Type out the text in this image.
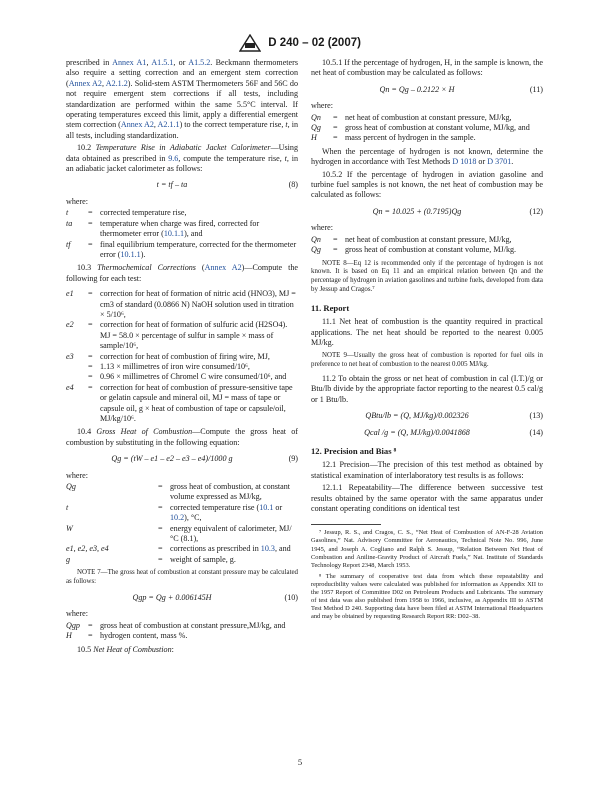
D 240 – 02 (2007)

prescribed in Annex A1, A1.5.1, or A1.5.2. Beckmann thermometers also require a setting correction and an emergent stem correction (Annex A2, A2.1.2). Solid-stem ASTM Thermometers 56F and 56C do not require emergent stem corrections if all tests, including standardization are performed within the same 5.5°C interval. If operating temperatures exceed this limit, apply a differential emergent stem correction (Annex A2, A2.1.1) to the correct temperature rise, t, in all tests, including standardization.

10.2 Temperature Rise in Adiabatic Jacket Calorimeter—Using data obtained as prescribed in 9.6, compute the temperature rise, t, in an adiabatic jacket calorimeter as follows:

t = tf – ta	(8)

where:

t	= corrected temperature rise,
ta	= temperature when charge was fired, corrected for thermometer error (10.1.1), and
tf	= final equilibrium temperature, corrected for the thermometer error (10.1.1).

10.3 Thermochemical Corrections (Annex A2)—Compute the following for each test:

e1	= correction for heat of formation of nitric acid (HNO3), MJ = cm3 of standard (0.0866 N) NaOH solution used in titration × 5/10⁶,
e2	= correction for heat of formation of sulfuric acid (H2SO4). MJ = 58.0 × percentage of sulfur in sample × mass of sample/10⁶,
e3	= correction for heat of combustion of firing wire, MJ,
= 1.13 × millimetres of iron wire consumed/10⁶,
= 0.96 × millimetres of Chromel C wire consumed/10⁶, and
e4	= correction for heat of combustion of pressure-sensitive tape or gelatin capsule and mineral oil, MJ = mass of tape or capsule oil, g × heat of combustion of tape or capsule/oil, MJ/kg/10⁶.

10.4 Gross Heat of Combustion—Compute the gross heat of combustion by substituting in the following equation:

Qg = (tW – e1 – e2 – e3 – e4)/1000 g	(9)

where:

Qg	= gross heat of combustion, at constant volume expressed as MJ/kg,
t	= corrected temperature rise (10.1 or 10.2), °C,
W	= energy equivalent of calorimeter, MJ/°C (8.1),
e1, e2, e3, e4	= corrections as prescribed in 10.3, and
g	= weight of sample, g.

NOTE 7—The gross heat of combustion at constant pressure may be calculated as follows:

Qgp = Qg + 0.006145H	(10)

where:

Qgp = gross heat of combustion at constant pressure,MJ/kg, and
H	= hydrogen content, mass %.

10.5 Net Heat of Combustion:

10.5.1 If the percentage of hydrogen, H, in the sample is known, the net heat of combustion may be calculated as follows:

Qn = Qg – 0.2122 × H	(11)

where:

Qn	= net heat of combustion at constant pressure, MJ/kg,
Qg	= gross heat of combustion at constant volume, MJ/kg, and
H	= mass percent of hydrogen in the sample.

When the percentage of hydrogen is not known, determine the hydrogen in accordance with Test Methods D 1018 or D 3701.

10.5.2 If the percentage of hydrogen in aviation gasoline and turbine fuel samples is not known, the net heat of combustion may be calculated as follows:

Qn = 10.025 + (0.7195)Qg	(12)

where:

Qn	= net heat of combustion at constant pressure, MJ/kg,
Qg	= gross heat of combustion at constant volume, MJ/kg.

NOTE 8—Eq 12 is recommended only if the percentage of hydrogen is not known. It is based on Eq 11 and an empirical relation between Qn and the percentage of hydrogen in aviation gasolines and turbine fuels, developed from data by Jessup and Cragos.⁷

11. Report

11.1 Net heat of combustion is the quantity required in practical applications. The net heat should be reported to the nearest 0.005 MJ/kg.

NOTE 9—Usually the gross heat of combustion is reported for fuel oils in preference to net heat of combustion to the nearest 0.005 MJ/kg.

11.2 To obtain the gross or net heat of combustion in cal (I.T.)/g or Btu/lb divide by the appropriate factor reporting to the nearest 0.5 cal/g or 1 Btu/lb.

QBtu/lb = (Q, MJ/kg)/0.002326	(13)
Qcal /g = (Q, MJ/kg)/0.0041868	(14)
12. Precision and Bias ⁸

12.1 Precision—The precision of this test method as obtained by statistical examination of interlaboratory test results is as follows:

12.1.1 Repeatability—The difference between successive test results obtained by the same operator with the same apparatus under constant operating conditions on identical test

⁷ Jessup, R. S., and Cragos, C. S., “Net Heat of Combustion of AN-F-28 Aviation Gasolines,” Nat. Advisory Committee for Aeronautics, Technical Note No. 996, June 1945, and Joseph A. Cogliano and Ralph S. Jessup, “Relation Between Net Heat of Combustion and Aniline-Gravity Product of Aircraft Fuels,” Nat. Institute of Standards Technology Report 2348, March 1953.

⁸ The summary of cooperative test data from which these repeatability and reproducibility values were calculated was published for information as Appendix XII to the 1957 Report of Committee D02 on Petroleum Products and Lubricants. The summary of test data was also published from 1958 to 1966, inclusive, as Appendix III to ASTM Test Method D 240. Supporting data have been filed at ASTM International Headquarters and may be obtained by requesting Research Report RR: D02–38.

5
